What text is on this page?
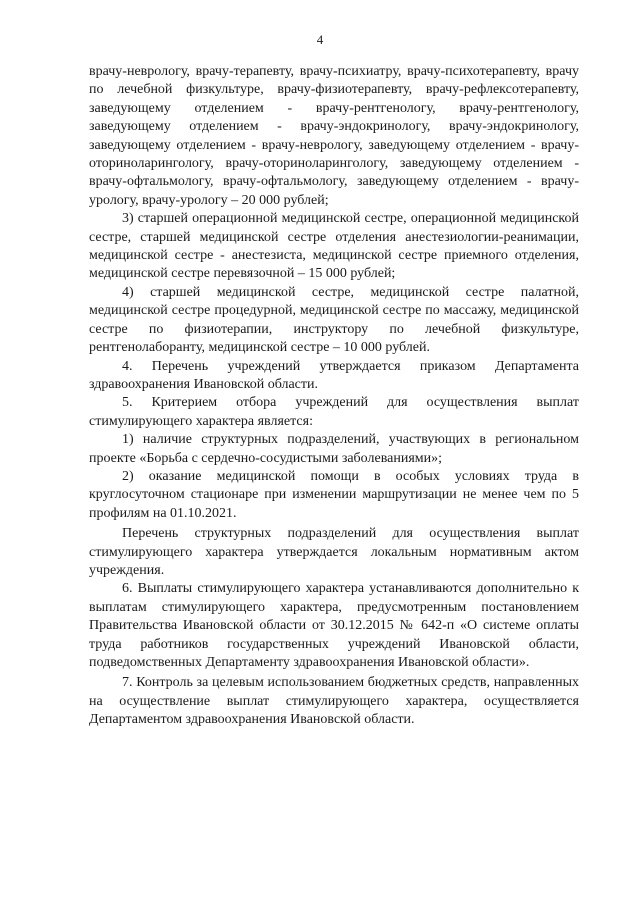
4

врачу-неврологу, врачу-терапевту, врачу-психиатру, врачу-психотерапевту, врачу по лечебной физкультуре, врачу-физиотерапевту, врачу-рефлексотерапевту, заведующему отделением - врачу-рентгенологу, врачу-рентгенологу, заведующему отделением - врачу-эндокринологу, врачу-эндокринологу, заведующему отделением - врачу-неврологу, заведующему отделением - врачу-оториноларингологу, врачу-оториноларингологу, заведующему отделением - врачу-офтальмологу, врачу-офтальмологу, заведующему отделением - врачу-урологу, врачу-урологу – 20 000 рублей;

3) старшей операционной медицинской сестре, операционной медицинской сестре, старшей медицинской сестре отделения анестезиологии-реанимации, медицинской сестре - анестезиста, медицинской сестре приемного отделения, медицинской сестре перевязочной – 15 000 рублей;

4) старшей медицинской сестре, медицинской сестре палатной, медицинской сестре процедурной, медицинской сестре по массажу, медицинской сестре по физиотерапии, инструктору по лечебной физкультуре, рентгенолаборанту, медицинской сестре – 10 000 рублей.

4. Перечень учреждений утверждается приказом Департамента здравоохранения Ивановской области.

5. Критерием отбора учреждений для осуществления выплат стимулирующего характера является:

1) наличие структурных подразделений, участвующих в региональном проекте «Борьба с сердечно-сосудистыми заболеваниями»;

2) оказание медицинской помощи в особых условиях труда в круглосуточном стационаре при изменении маршрутизации не менее чем по 5 профилям на 01.10.2021.

Перечень структурных подразделений для осуществления выплат стимулирующего характера утверждается локальным нормативным актом учреждения.

6. Выплаты стимулирующего характера устанавливаются дополнительно к выплатам стимулирующего характера, предусмотренным постановлением Правительства Ивановской области от 30.12.2015 № 642-п «О системе оплаты труда работников государственных учреждений Ивановской области, подведомственных Департаменту здравоохранения Ивановской области».

7. Контроль за целевым использованием бюджетных средств, направленных на осуществление выплат стимулирующего характера, осуществляется Департаментом здравоохранения Ивановской области.
